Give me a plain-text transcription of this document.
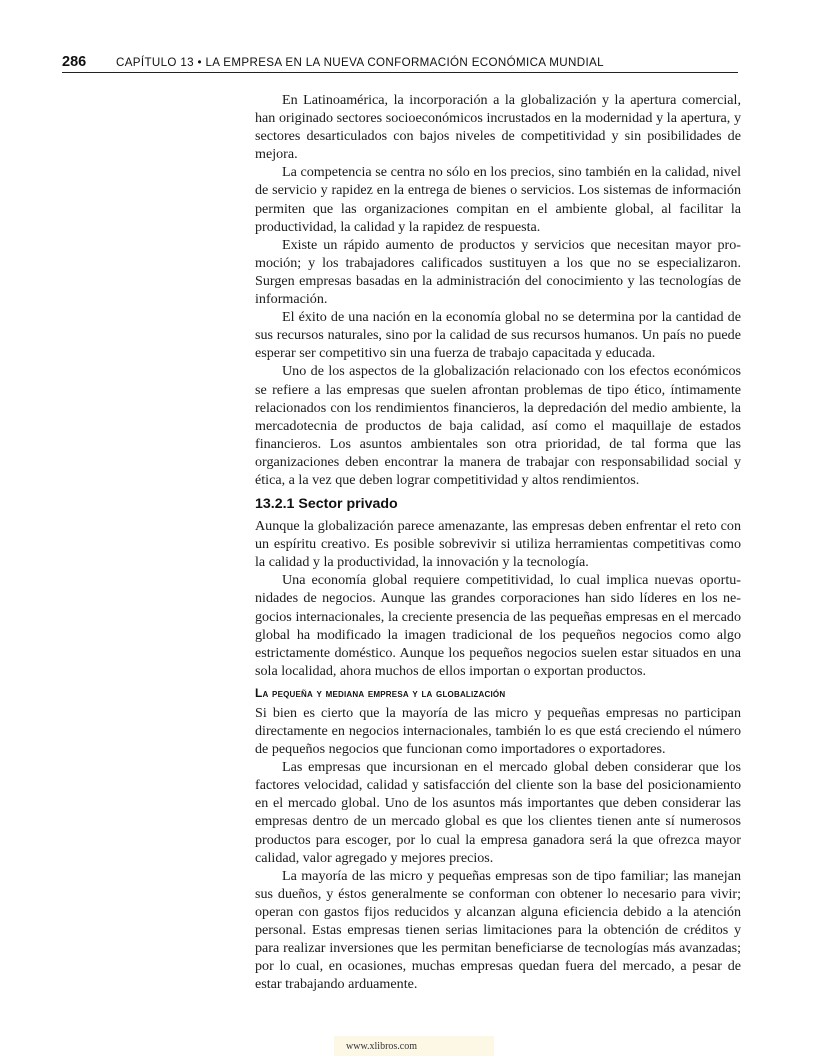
286	CAPÍTULO 13 • LA EMPRESA EN LA NUEVA CONFORMACIÓN ECONÓMICA MUNDIAL

En Latinoamérica, la incorporación a la globalización y la apertura comercial, han originado sectores socioeconómicos incrustados en la modernidad y la apertura, y sectores desarticulados con bajos niveles de competitividad y sin posibilidades de mejora.

La competencia se centra no sólo en los precios, sino también en la calidad, nivel de servicio y rapidez en la entrega de bienes o servicios. Los sistemas de información permiten que las organizaciones compitan en el ambiente global, al facilitar la productividad, la calidad y la rapidez de respuesta.

Existe un rápido aumento de productos y servicios que necesitan mayor promoción; y los trabajadores calificados sustituyen a los que no se especializaron. Surgen empresas basadas en la administración del conocimiento y las tecnologías de información.

El éxito de una nación en la economía global no se determina por la cantidad de sus recursos naturales, sino por la calidad de sus recursos humanos. Un país no puede esperar ser competitivo sin una fuerza de trabajo capacitada y educada.

Uno de los aspectos de la globalización relacionado con los efectos económicos se refiere a las empresas que suelen afrontan problemas de tipo ético, íntimamente relacionados con los rendimientos financieros, la depredación del medio ambiente, la mercadotecnia de productos de baja calidad, así como el maquillaje de estados financieros. Los asuntos ambientales son otra prioridad, de tal forma que las organizaciones deben encontrar la manera de trabajar con responsabilidad social y ética, a la vez que deben lograr competitividad y altos rendimientos.

13.2.1 Sector privado

Aunque la globalización parece amenazante, las empresas deben enfrentar el reto con un espíritu creativo. Es posible sobrevivir si utiliza herramientas competitivas como la calidad y la productividad, la innovación y la tecnología.

Una economía global requiere competitividad, lo cual implica nuevas oportunidades de negocios. Aunque las grandes corporaciones han sido líderes en los negocios internacionales, la creciente presencia de las pequeñas empresas en el mercado global ha modificado la imagen tradicional de los pequeños negocios como algo estrictamente doméstico. Aunque los pequeños negocios suelen estar situados en una sola localidad, ahora muchos de ellos importan o exportan productos.

La pequeña y mediana empresa y la globalización

Si bien es cierto que la mayoría de las micro y pequeñas empresas no participan directamente en negocios internacionales, también lo es que está creciendo el número de pequeños negocios que funcionan como importadores o exportadores.

Las empresas que incursionan en el mercado global deben considerar que los factores velocidad, calidad y satisfacción del cliente son la base del posicionamiento en el mercado global. Uno de los asuntos más importantes que deben considerar las empresas dentro de un mercado global es que los clientes tienen ante sí numerosos productos para escoger, por lo cual la empresa ganadora será la que ofrezca mayor calidad, valor agregado y mejores precios.

La mayoría de las micro y pequeñas empresas son de tipo familiar; las manejan sus dueños, y éstos generalmente se conforman con obtener lo necesario para vivir; operan con gastos fijos reducidos y alcanzan alguna eficiencia debido a la atención personal. Estas empresas tienen serias limitaciones para la obtención de créditos y para realizar inversiones que les permitan beneficiarse de tecnologías más avanzadas; por lo cual, en ocasiones, muchas empresas quedan fuera del mercado, a pesar de estar trabajando arduamente.

www.xlibros.com
